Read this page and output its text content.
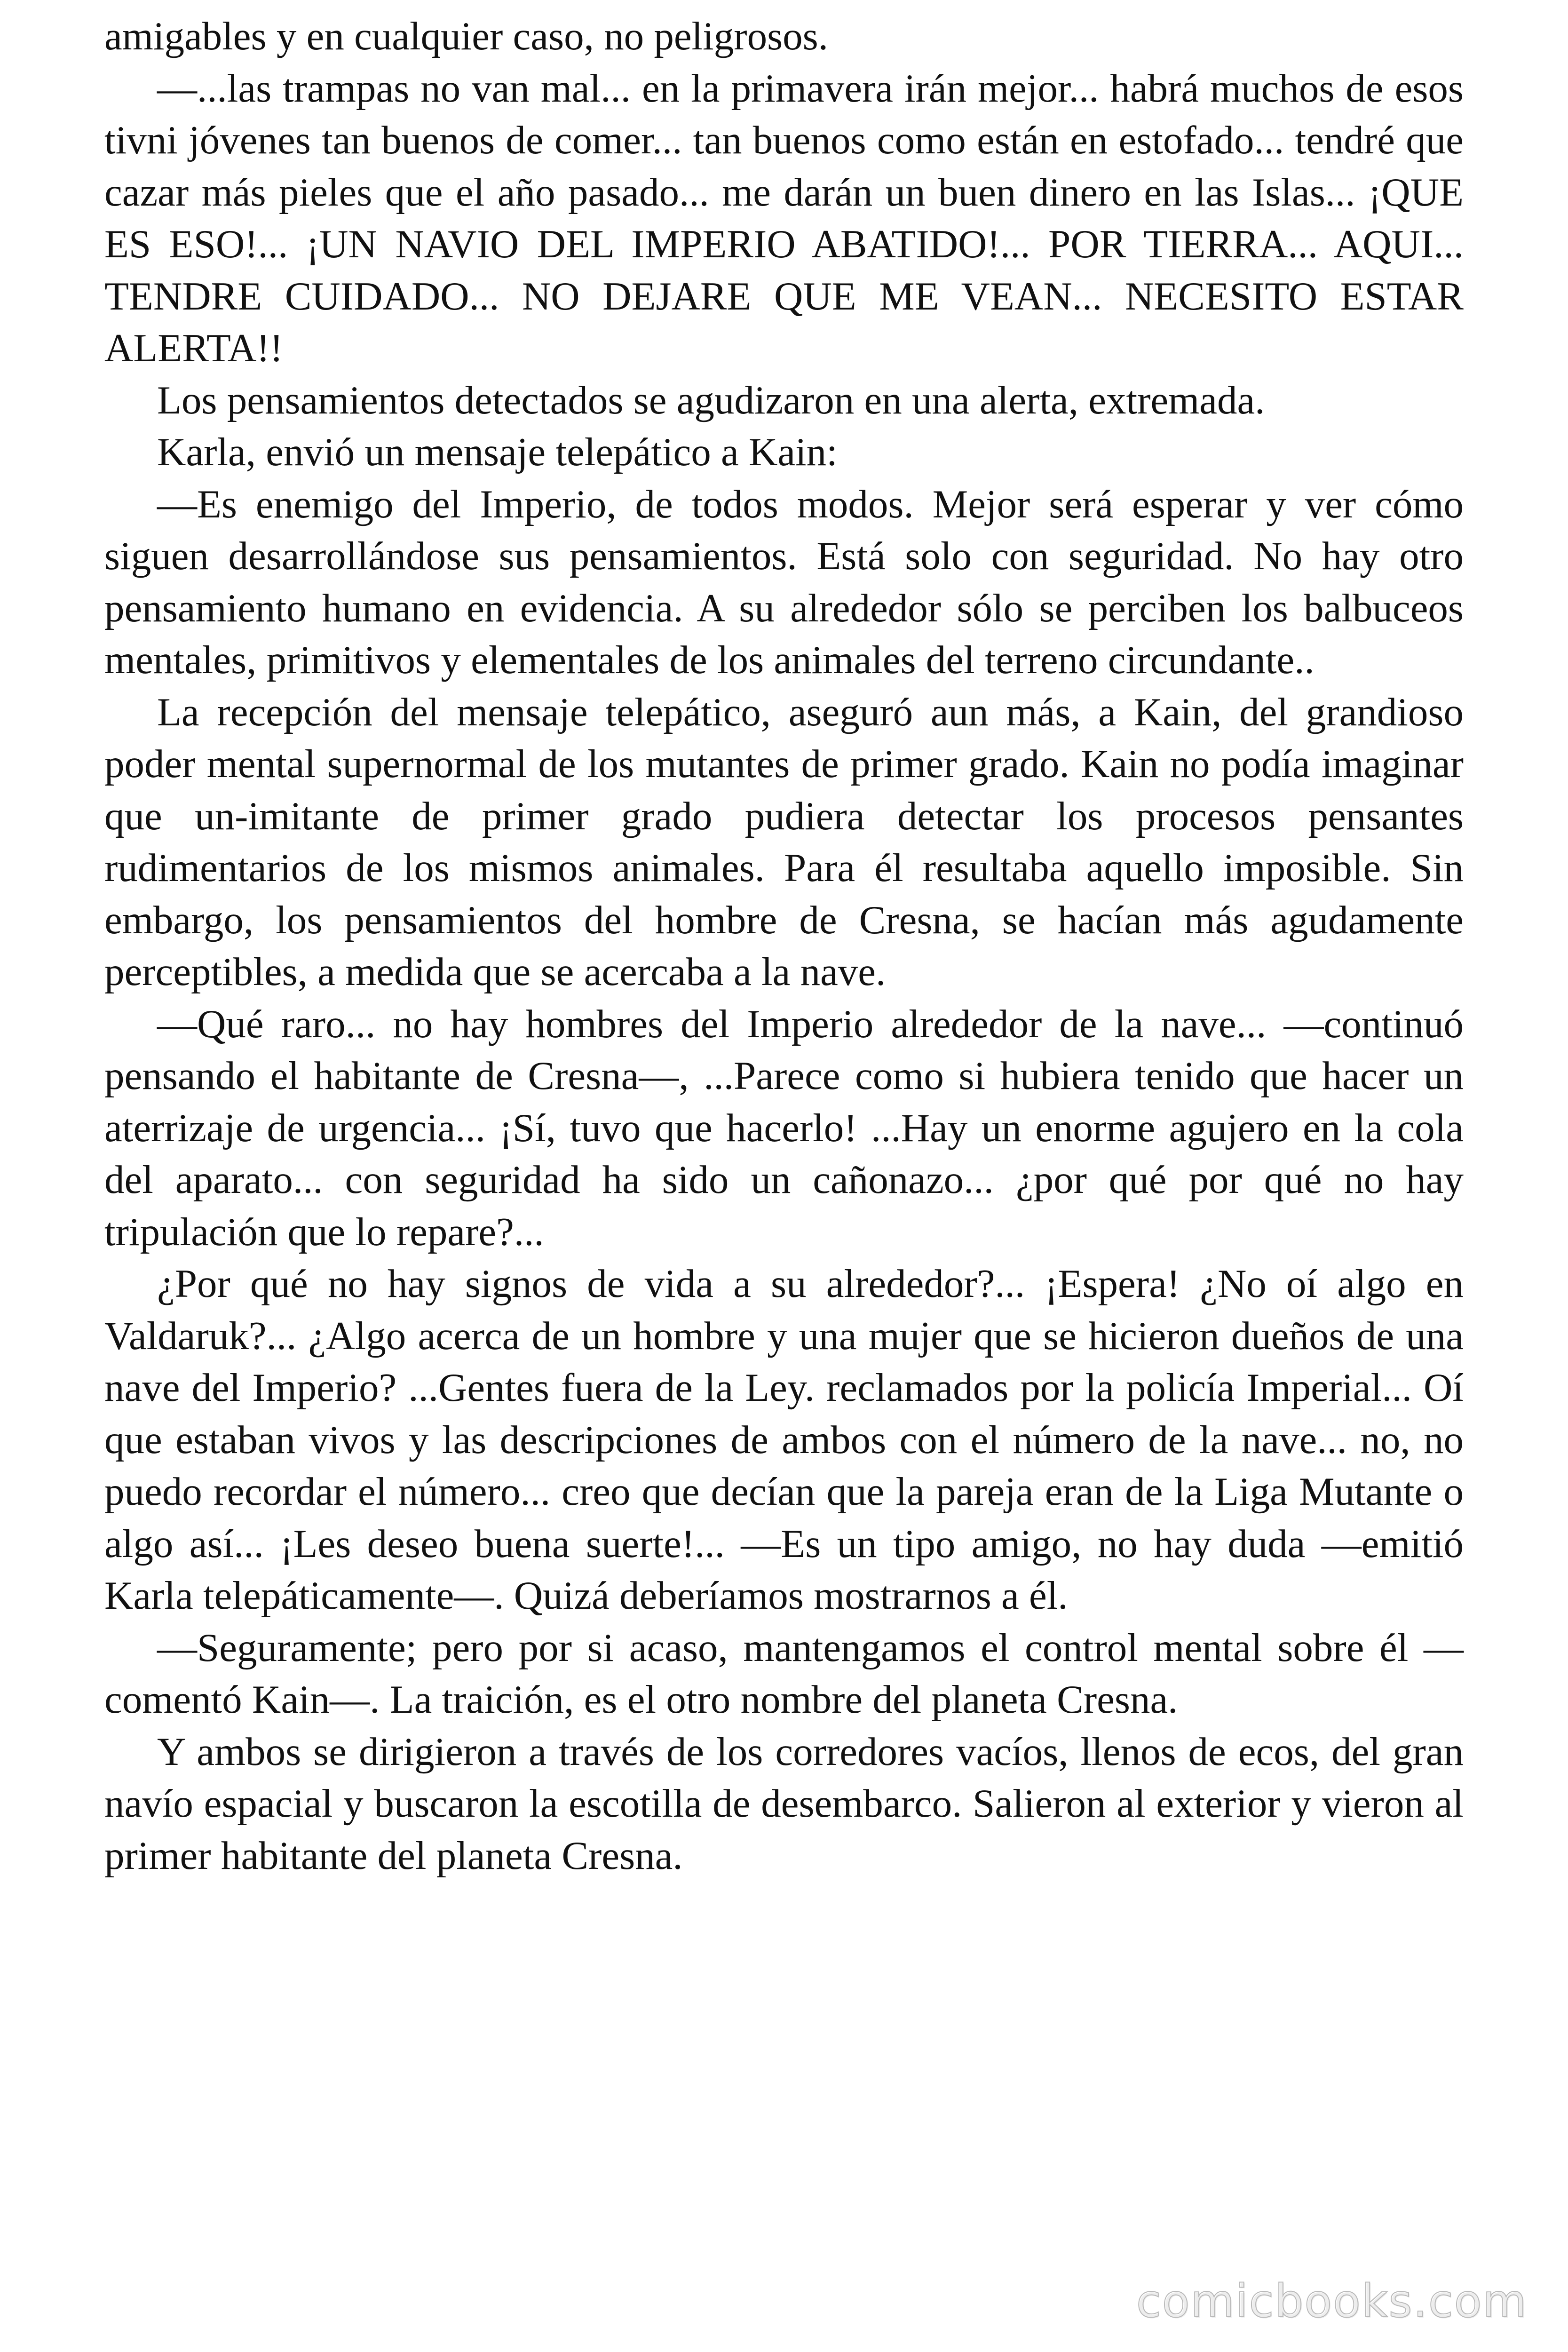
amigables y en cualquier caso, no peligrosos.

—...las trampas no van mal... en la primavera irán mejor... habrá muchos de esos tivni jóvenes tan buenos de comer... tan buenos como están en estofado... tendré que cazar más pieles que el año pasado... me darán un buen dinero en las Islas... ¡QUE ES ESO!... ¡UN NAVIO DEL IMPERIO ABATIDO!... POR TIERRA... AQUI... TENDRE CUIDADO... NO DEJARE QUE ME VEAN... NECESITO ESTAR ALERTA!!

Los pensamientos detectados se agudizaron en una alerta, extremada.

Karla, envió un mensaje telepático a Kain:

—Es enemigo del Imperio, de todos modos. Mejor será esperar y ver cómo siguen desarrollándose sus pensamientos. Está solo con seguridad. No hay otro pensamiento humano en evidencia. A su alrededor sólo se perciben los balbuceos mentales, primitivos y elementales de los animales del terreno circundante..

La recepción del mensaje telepático, aseguró aun más, a Kain, del grandioso poder mental supernormal de los mutantes de primer grado. Kain no podía imaginar que un-imitante de primer grado pudiera detectar los procesos pensantes rudimentarios de los mismos animales. Para él resultaba aquello imposible. Sin embargo, los pensamientos del hombre de Cresna, se hacían más agudamente perceptibles, a medida que se acercaba a la nave.

—Qué raro... no hay hombres del Imperio alrededor de la nave... —continuó pensando el habitante de Cresna—, ...Parece como si hubiera tenido que hacer un aterrizaje de urgencia... ¡Sí, tuvo que hacerlo! ...Hay un enorme agujero en la cola del aparato... con seguridad ha sido un cañonazo... ¿por qué por qué no hay tripulación que lo repare?...

¿Por qué no hay signos de vida a su alrededor?... ¡Espera! ¿No oí algo en Valdaruk?... ¿Algo acerca de un hombre y una mujer que se hicieron dueños de una nave del Imperio? ...Gentes fuera de la Ley. reclamados por la policía Imperial... Oí que estaban vivos y las descripciones de ambos con el número de la nave... no, no puedo recordar el número... creo que decían que la pareja eran de la Liga Mutante o algo así... ¡Les deseo buena suerte!... —Es un tipo amigo, no hay duda —emitió Karla telepáticamente—. Quizá deberíamos mostrarnos a él.

—Seguramente; pero por si acaso, mantengamos el control mental sobre él —comentó Kain—. La traición, es el otro nombre del planeta Cresna.

Y ambos se dirigieron a través de los corredores vacíos, llenos de ecos, del gran navío espacial y buscaron la escotilla de desembarco. Salieron al exterior y vieron al primer habitante del planeta Cresna.

comicbooks.com
